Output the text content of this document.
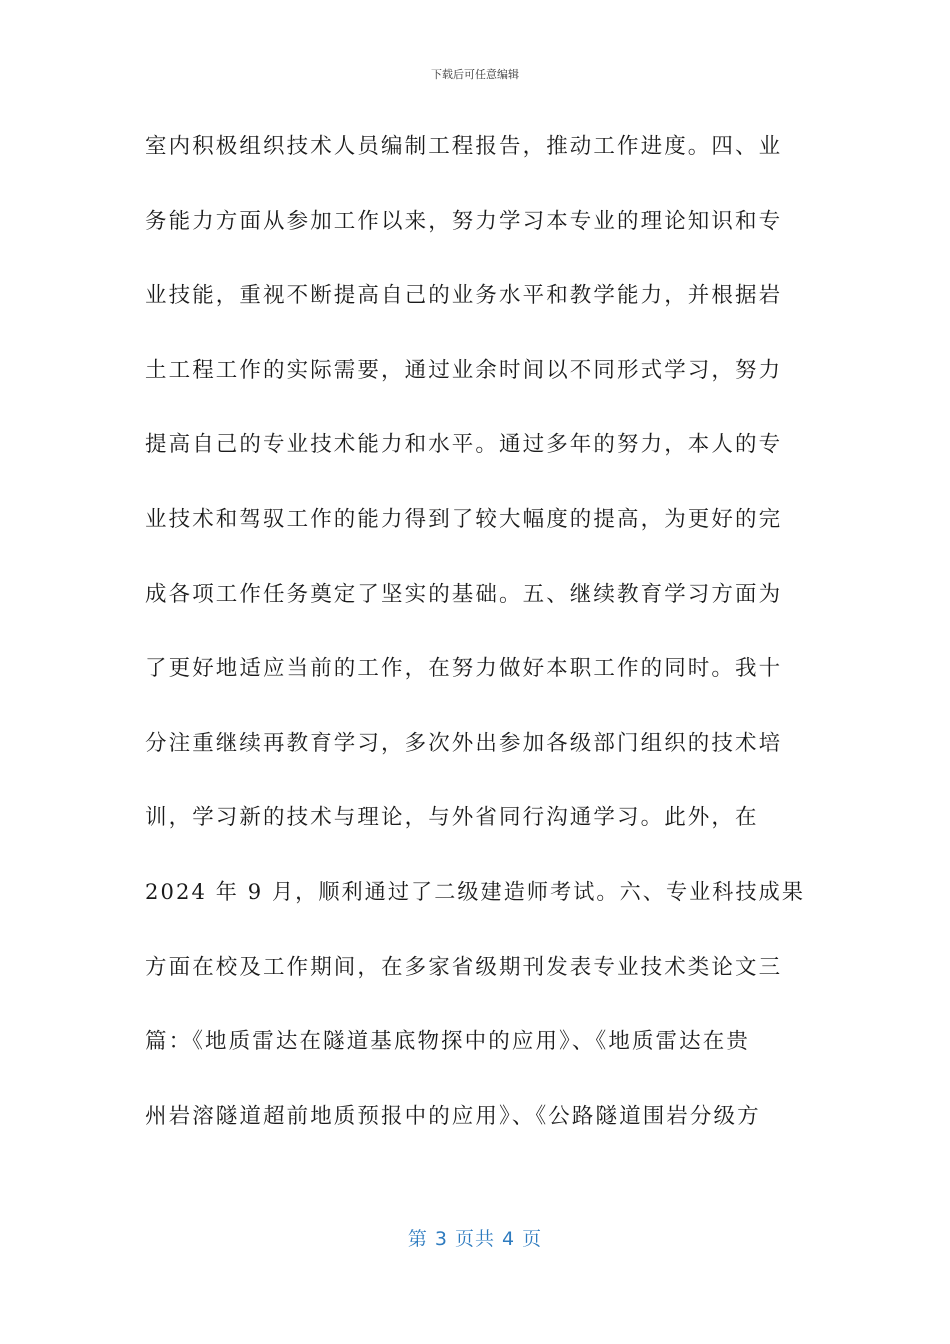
下载后可任意编辑
室内积极组织技术人员编制工程报告，推动工作进度。四、业
务能力方面从参加工作以来，努力学习本专业的理论知识和专
业技能，重视不断提高自己的业务水平和教学能力，并根据岩
土工程工作的实际需要，通过业余时间以不同形式学习，努力
提高自己的专业技术能力和水平。通过多年的努力，本人的专
业技术和驾驭工作的能力得到了较大幅度的提高，为更好的完
成各项工作任务奠定了坚实的基础。五、继续教育学习方面为
了更好地适应当前的工作，在努力做好本职工作的同时。我十
分注重继续再教育学习，多次外出参加各级部门组织的技术培
训，学习新的技术与理论，与外省同行沟通学习。此外，在
2024 年 9 月，顺利通过了二级建造师考试。六、专业科技成果
方面在校及工作期间，在多家省级期刊发表专业技术类论文三
篇：《地质雷达在隧道基底物探中的应用》、《地质雷达在贵
州岩溶隧道超前地质预报中的应用》、《公路隧道围岩分级方
第 3 页共 4 页
